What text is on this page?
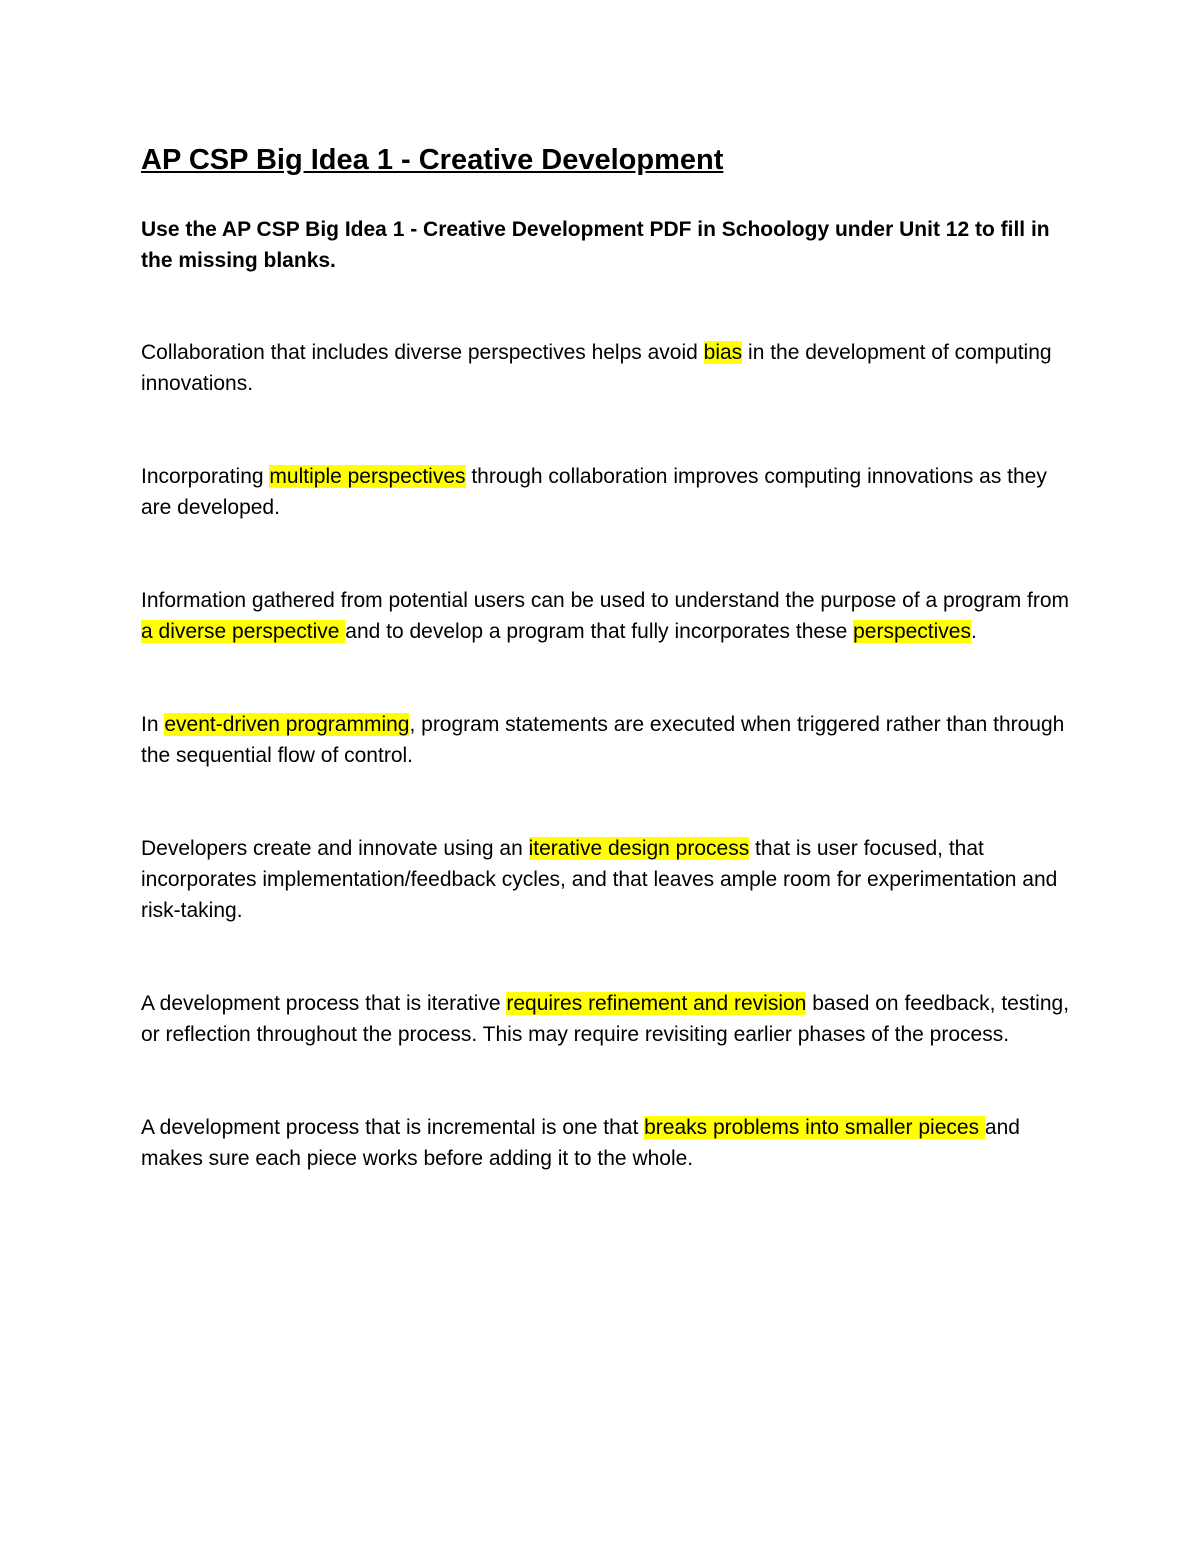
AP CSP Big Idea 1 - Creative Development

Use the AP CSP Big Idea 1 - Creative Development PDF in Schoology under Unit 12 to fill in the missing blanks.

Collaboration that includes diverse perspectives helps avoid bias in the development of computing innovations.

Incorporating multiple perspectives through collaboration improves computing innovations as they are developed.

Information gathered from potential users can be used to understand the purpose of a program from a diverse perspective and to develop a program that fully incorporates these perspectives.

In event-driven programming, program statements are executed when triggered rather than through the sequential flow of control.

Developers create and innovate using an iterative design process that is user focused, that incorporates implementation/feedback cycles, and that leaves ample room for experimentation and risk-taking.

A development process that is iterative requires refinement and revision based on feedback, testing, or reflection throughout the process. This may require revisiting earlier phases of the process.

A development process that is incremental is one that breaks problems into smaller pieces and makes sure each piece works before adding it to the whole.
